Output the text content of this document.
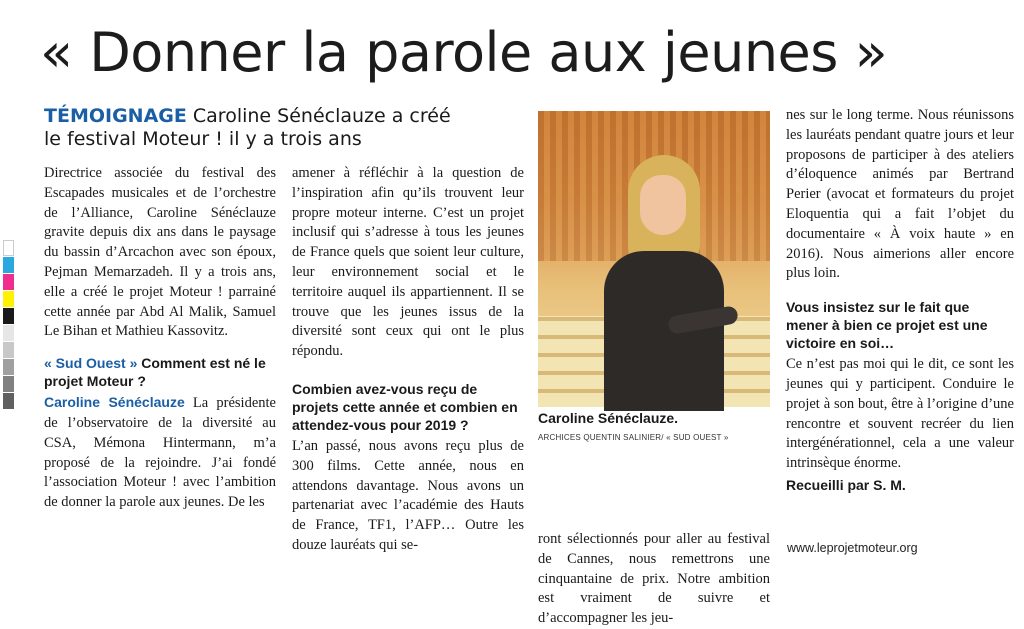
« Donner la parole aux jeunes »
TÉMOIGNAGE Caroline Sénéclauze a créé le festival Moteur ! il y a trois ans

Directrice associée du festival des Escapades musicales et de l’orchestre de l’Alliance, Caroline Sénéclauze gravite depuis dix ans dans le paysage du bassin d’Arcachon avec son époux, Pejman Memarzadeh. Il y a trois ans, elle a créé le projet Moteur ! parrainé cette année par Abd Al Malik, Samuel Le Bihan et Mathieu Kassovitz.

« Sud Ouest » Comment est né le projet Moteur ?

Caroline Sénéclauze La présidente de l’observatoire de la diversité au CSA, Mémona Hintermann, m’a proposé de la rejoindre. J’ai fondé l’association Moteur ! avec l’ambition de donner la parole aux jeunes. De les

amener à réfléchir à la question de l’inspiration afin qu’ils trouvent leur propre moteur interne. C’est un projet inclusif qui s’adresse à tous les jeunes de France quels que soient leur culture, leur environnement social et le territoire auquel ils appartiennent. Il se trouve que les jeunes issus de la diversité sont ceux qui ont le plus répondu.

Combien avez-vous reçu de projets cette année et combien en attendez-vous pour 2019 ?

L’an passé, nous avons reçu plus de 300 films. Cette année, nous en attendons davantage. Nous avons un partenariat avec l’académie des Hauts de France, TF1, l’AFP… Outre les douze lauréats qui se-

Caroline Sénéclauze.
ARCHICES QUENTIN SALINIER/ « SUD OUEST »

ront sélectionnés pour aller au festival de Cannes, nous remettrons une cinquantaine de prix. Notre ambition est vraiment de suivre et d’accompagner les jeu-

nes sur le long terme. Nous réunissons les lauréats pendant quatre jours et leur proposons de participer à des ateliers d’éloquence animés par Bertrand Perier (avocat et formateurs du projet Eloquentia qui a fait l’objet du documentaire « À voix haute » en 2016). Nous aimerions aller encore plus loin.

Vous insistez sur le fait que mener à bien ce projet est une victoire en soi…

Ce n’est pas moi qui le dit, ce sont les jeunes qui y participent. Conduire le projet à son bout, être à l’origine d’une rencontre et souvent recréer du lien intergénérationnel, cela a une valeur intrinsèque énorme.

Recueilli par S. M.
www.leprojetmoteur.org
